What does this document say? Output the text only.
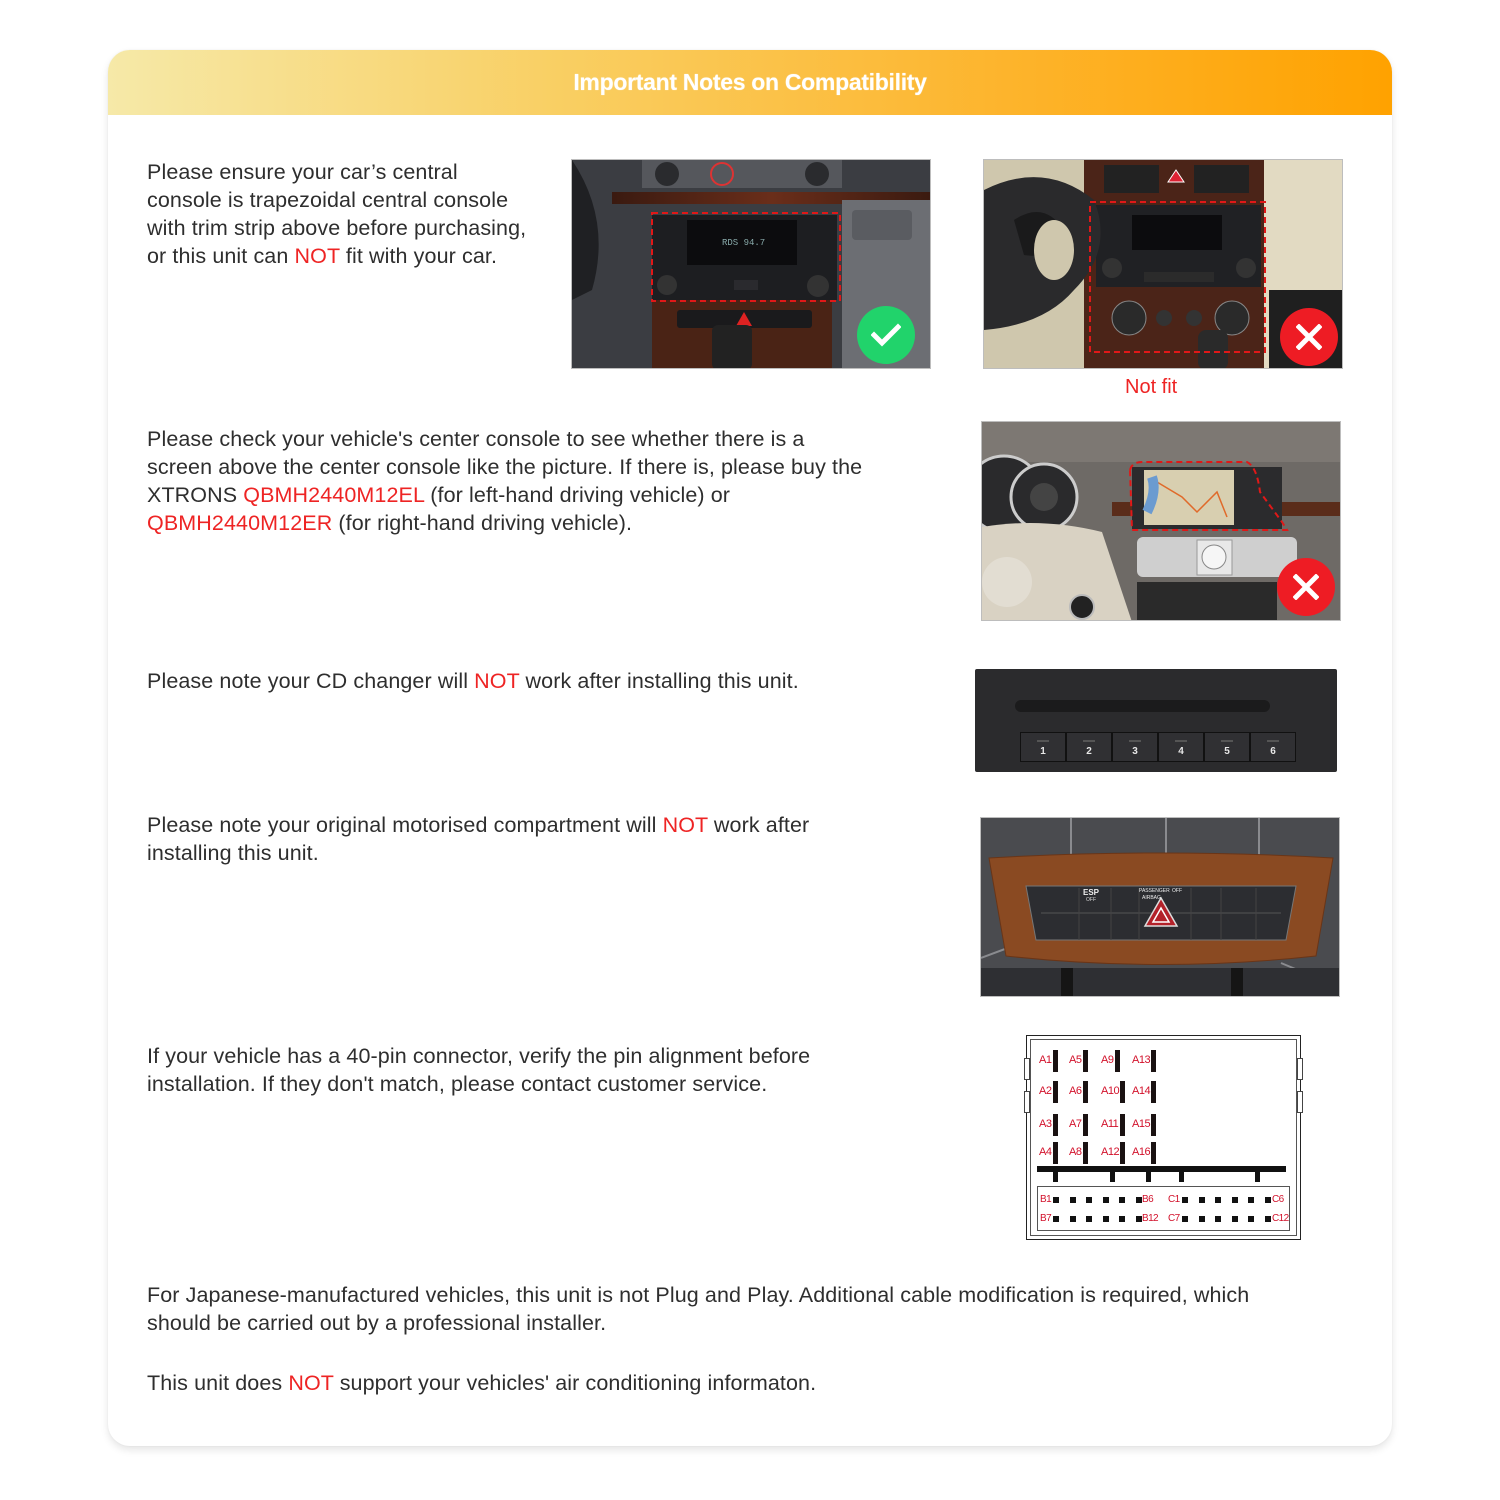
Important Notes on Compatibility

Please ensure your car’s central console is trapezoidal central console with trim strip above before purchasing, or this unit can NOT fit with your car.

RDS 94.7
Not fit

Please check your vehicle's center console to see whether there is a screen above the center console like the picture. If there is, please buy the XTRONS QBMH2440M12EL (for left-hand driving vehicle) or QBMH2440M12ER (for right-hand driving vehicle).

Please note your CD changer will NOT work after installing this unit.

1	2	3	4	5	6

Please note your original motorised compartment will NOT work after installing this unit.

ESP
OFF
PASSENGER
AIRBAG
OFF

If your vehicle has a 40-pin connector, verify the pin alignment before installation. If they don't match, please contact customer service.

A1 A5 A9 A13
A2 A6 A10 A14
A3 A7 A11 A15
A4 A8 A12 A16
B1	B6 C1	C6
B7	B12 C7	C12

For Japanese-manufactured vehicles, this unit is not Plug and Play. Additional cable modification is required, which should be carried out by a professional installer.

This unit does NOT support your vehicles' air conditioning informaton.
